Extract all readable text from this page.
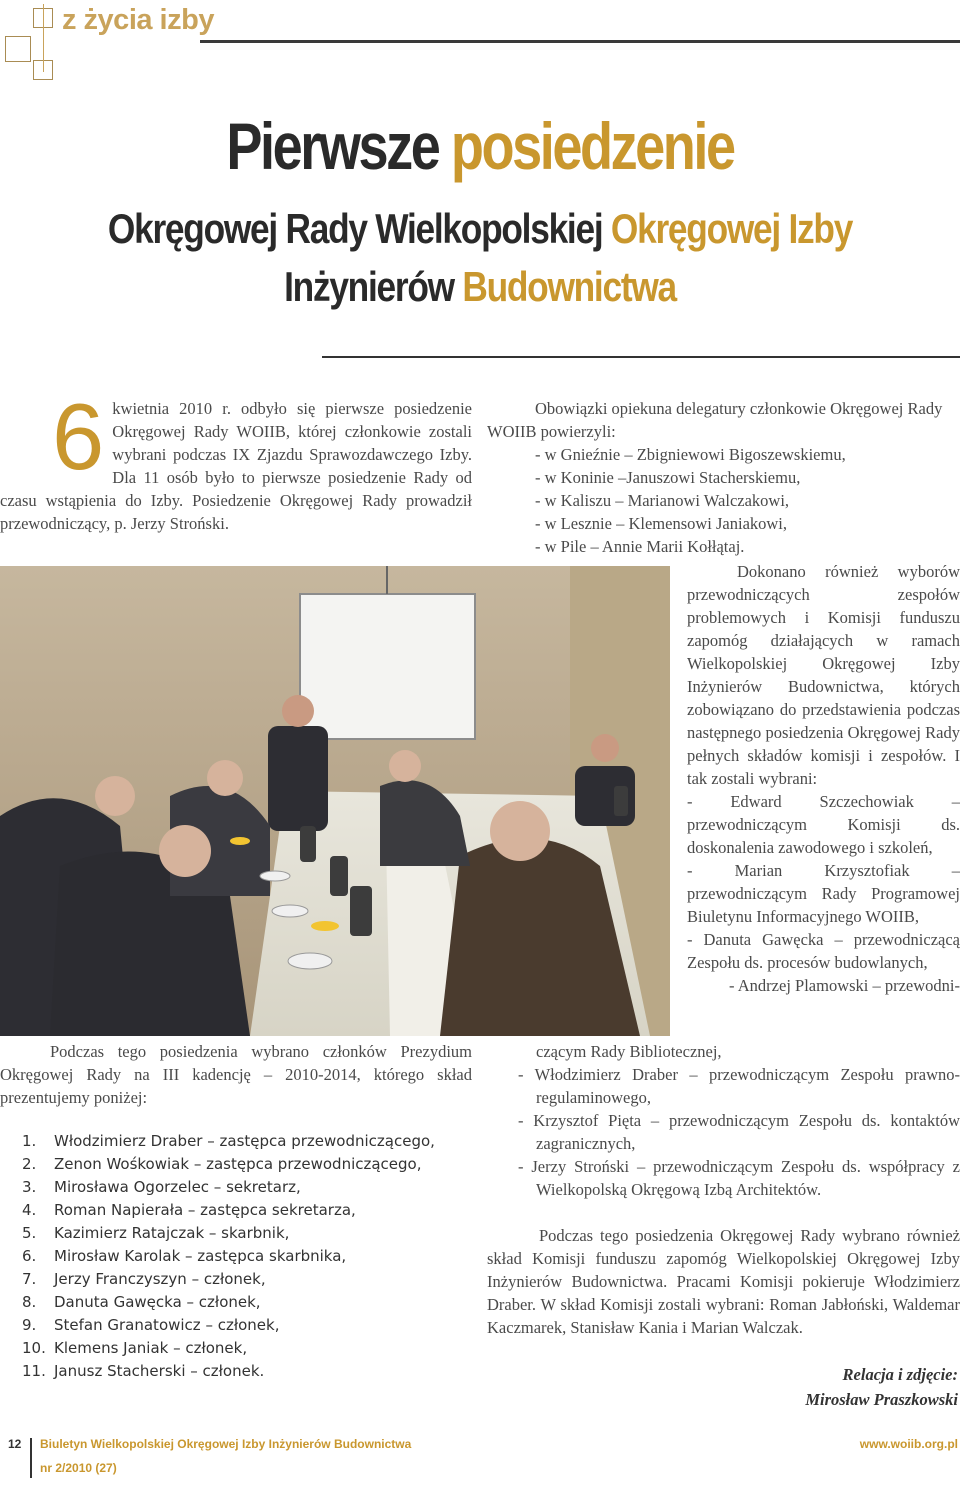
z życia izby
Pierwsze posiedzenie
Okręgowej Rady Wielkopolskiej Okręgowej Izby
Inżynierów Budownictwa
6 kwietnia 2010 r. odbyło się pierwsze posiedzenie Okręgowej Rady WOIIB, której członkowie zostali wybrani podczas IX Zjazdu Sprawozdawczego Izby. Dla 11 osób było to pierwsze posiedzenie Rady od czasu wstąpienia do Izby. Posiedzenie Okręgowej Rady prowadził przewodniczący, p. Jerzy Stroński.

Podczas tego posiedzenia wybrano członków Prezydium Okręgowej Rady na III kadencję – 2010-2014, którego skład prezentujemy poniżej:

1. Włodzimierz Draber – zastępca przewodniczącego,
2. Zenon Wośkowiak – zastępca przewodniczącego,
3. Mirosława Ogorzelec – sekretarz,
4. Roman Napierała – zastępca sekretarza,
5. Kazimierz Ratajczak – skarbnik,
6. Mirosław Karolak – zastępca skarbnika,
7. Jerzy Franczyszyn – członek,
8. Danuta Gawęcka – członek,
9. Stefan Granatowicz – członek,
10. Klemens Janiak – członek,
11. Janusz Stacherski – członek.

Obowiązki opiekuna delegatury członkowie Okręgowej Rady WOIIB powierzyli:

- w Gnieźnie – Zbigniewowi Bigoszewskiemu,
- w Koninie –Januszowi Stacherskiemu,
- w Kaliszu – Marianowi Walczakowi,
- w Lesznie – Klemensowi Janiakowi,
- w Pile – Annie Marii Kołłątaj.

Dokonano również wyborów przewodniczących zespołów problemowych i Komisji funduszu zapomóg działających w ramach Wielkopolskiej Okręgowej Izby Inżynierów Budownictwa, których zobowiązano do przedstawienia podczas następnego posiedzenia Okręgowej Rady pełnych składów komisji i zespołów. I tak zostali wybrani:

- Edward Szczechowiak – przewodniczącym Komisji ds. doskonalenia zawodowego i szkoleń,

- Marian Krzysztofiak – przewodniczącym Rady Programowej Biuletynu Informacyjnego WOIIB,

- Danuta Gawęcka – przewodniczącą Zespołu ds. procesów budowlanych,

- Andrzej Plamowski – przewodni-

czącym Rady Bibliotecznej,

- Włodzimierz Draber – przewodniczącym Zespołu prawno-regulaminowego,

- Krzysztof Pięta – przewodniczącym Zespołu ds. kontaktów zagranicznych,

- Jerzy Stroński – przewodniczącym Zespołu ds. współpracy z Wielkopolską Okręgową Izbą Architektów.

Podczas tego posiedzenia Okręgowej Rady wybrano również skład Komisji funduszu zapomóg Wielkopolskiej Okręgowej Izby Inżynierów Budownictwa. Pracami Komisji pokieruje Włodzimierz Draber. W skład Komisji zostali wybrani: Roman Jabłoński, Waldemar Kaczmarek, Stanisław Kania i Marian Walczak.

Relacja i zdjęcie:
Mirosław Praszkowski
12 Biuletyn Wielkopolskiej Okręgowej Izby Inżynierów Budownictwa
nr 2/2010 (27)
www.woiib.org.pl
